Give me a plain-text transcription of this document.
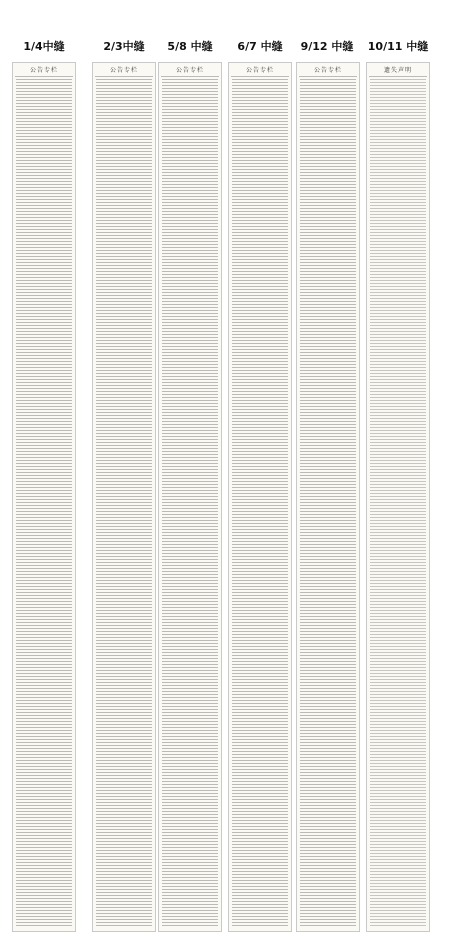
1/4中缝	2/3中缝 5/8 中缝 6/7 中缝 9/12 中缝 10/11 中缝
公告专栏	公告专栏	公告专栏	公告专栏	公告专栏	遗失声明
